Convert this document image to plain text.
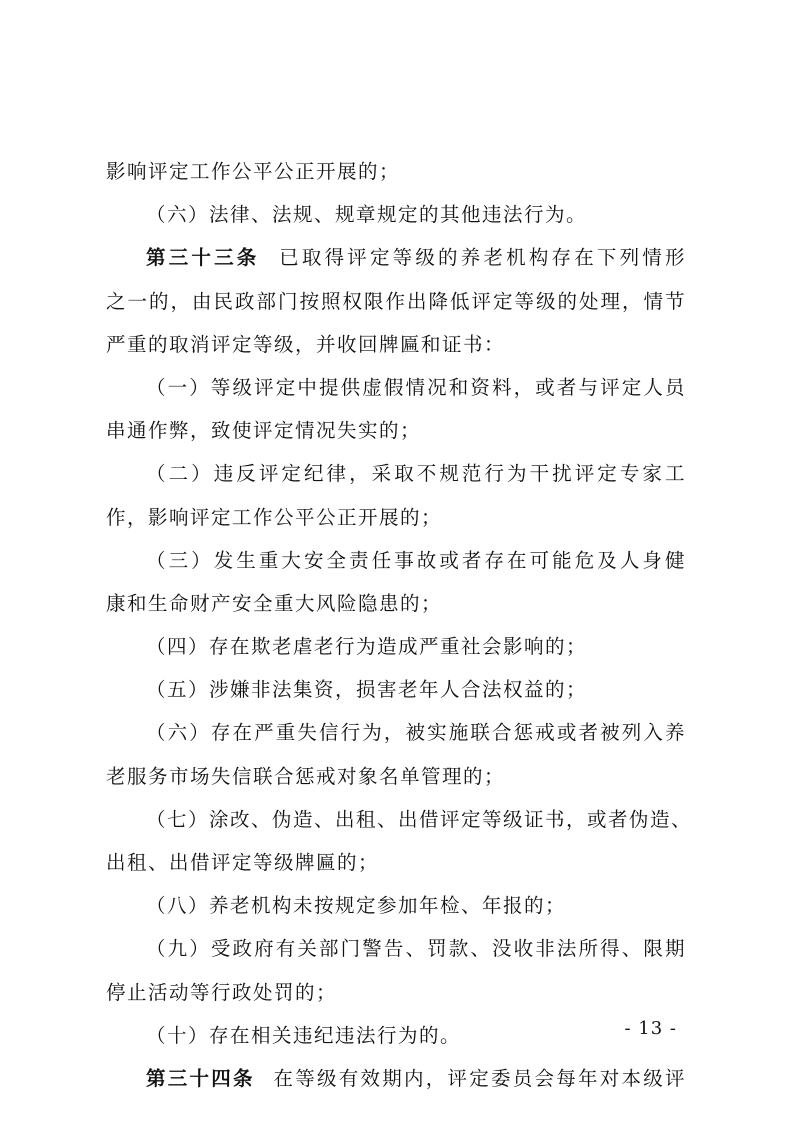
影响评定工作公平公正开展的；
（六）法律、法规、规章规定的其他违法行为。
第三十三条 已取得评定等级的养老机构存在下列情形
之一的，由民政部门按照权限作出降低评定等级的处理，情节
严重的取消评定等级，并收回牌匾和证书：
（一）等级评定中提供虚假情况和资料，或者与评定人员
串通作弊，致使评定情况失实的；
（二）违反评定纪律，采取不规范行为干扰评定专家工
作，影响评定工作公平公正开展的；
（三）发生重大安全责任事故或者存在可能危及人身健
康和生命财产安全重大风险隐患的；
（四）存在欺老虐老行为造成严重社会影响的；
（五）涉嫌非法集资，损害老年人合法权益的；
（六）存在严重失信行为，被实施联合惩戒或者被列入养
老服务市场失信联合惩戒对象名单管理的；
（七）涂改、伪造、出租、出借评定等级证书，或者伪造、
出租、出借评定等级牌匾的；
（八）养老机构未按规定参加年检、年报的；
（九）受政府有关部门警告、罚款、没收非法所得、限期
停止活动等行政处罚的；
（十）存在相关违纪违法行为的。
第三十四条 在等级有效期内，评定委员会每年对本级评
- 13 -
